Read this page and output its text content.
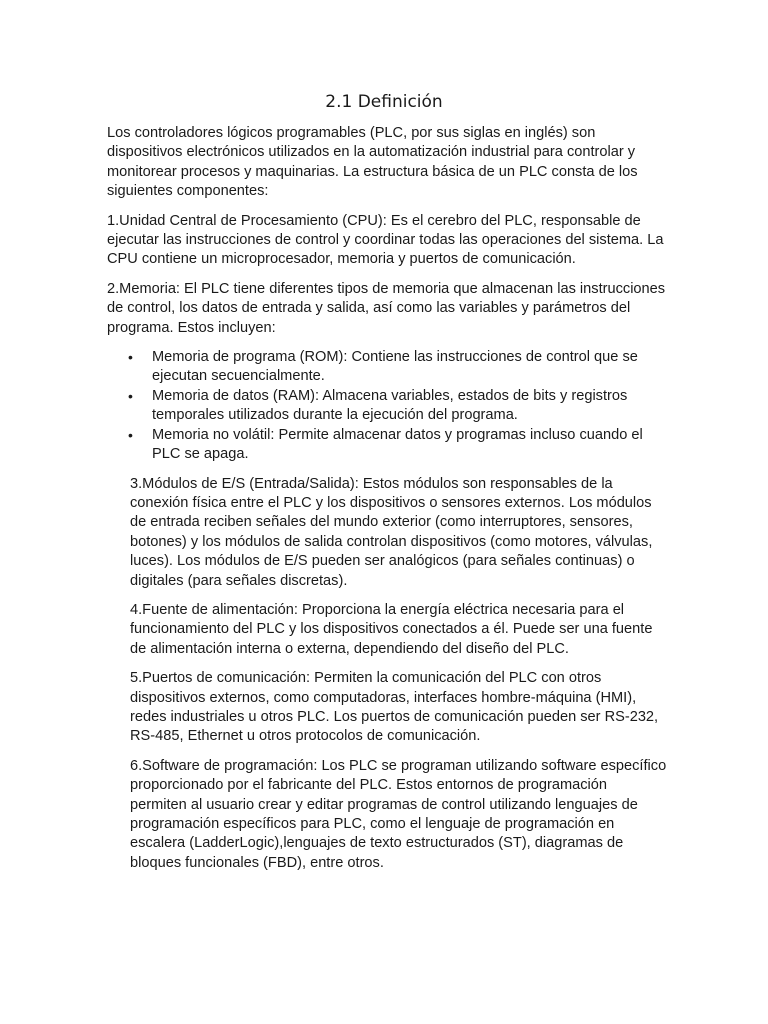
2.1 Definición

Los controladores lógicos programables (PLC, por sus siglas en inglés) son dispositivos electrónicos utilizados en la automatización industrial para controlar y monitorear procesos y maquinarias. La estructura básica de un PLC consta de los siguientes componentes:

1.Unidad Central de Procesamiento (CPU): Es el cerebro del PLC, responsable de ejecutar las instrucciones de control y coordinar todas las operaciones del sistema. La CPU contiene un microprocesador, memoria y puertos de comunicación.

2.Memoria: El PLC tiene diferentes tipos de memoria que almacenan las instrucciones de control, los datos de entrada y salida, así como las variables y parámetros del programa. Estos incluyen:

• Memoria de programa (ROM): Contiene las instrucciones de control que se ejecutan secuencialmente.
• Memoria de datos (RAM): Almacena variables, estados de bits y registros temporales utilizados durante la ejecución del programa.
• Memoria no volátil: Permite almacenar datos y programas incluso cuando el PLC se apaga.

3.Módulos de E/S (Entrada/Salida): Estos módulos son responsables de la conexión física entre el PLC y los dispositivos o sensores externos. Los módulos de entrada reciben señales del mundo exterior (como interruptores, sensores, botones) y los módulos de salida controlan dispositivos (como motores, válvulas, luces). Los módulos de E/S pueden ser analógicos (para señales continuas) o digitales (para señales discretas).

4.Fuente de alimentación: Proporciona la energía eléctrica necesaria para el funcionamiento del PLC y los dispositivos conectados a él. Puede ser una fuente de alimentación interna o externa, dependiendo del diseño del PLC.

5.Puertos de comunicación: Permiten la comunicación del PLC con otros dispositivos externos, como computadoras, interfaces hombre-máquina (HMI), redes industriales u otros PLC. Los puertos de comunicación pueden ser RS-232, RS-485, Ethernet u otros protocolos de comunicación.

6.Software de programación: Los PLC se programan utilizando software específico proporcionado por el fabricante del PLC. Estos entornos de programación permiten al usuario crear y editar programas de control utilizando lenguajes de programación específicos para PLC, como el lenguaje de programación en escalera (LadderLogic),lenguajes de texto estructurados (ST), diagramas de bloques funcionales (FBD), entre otros.
